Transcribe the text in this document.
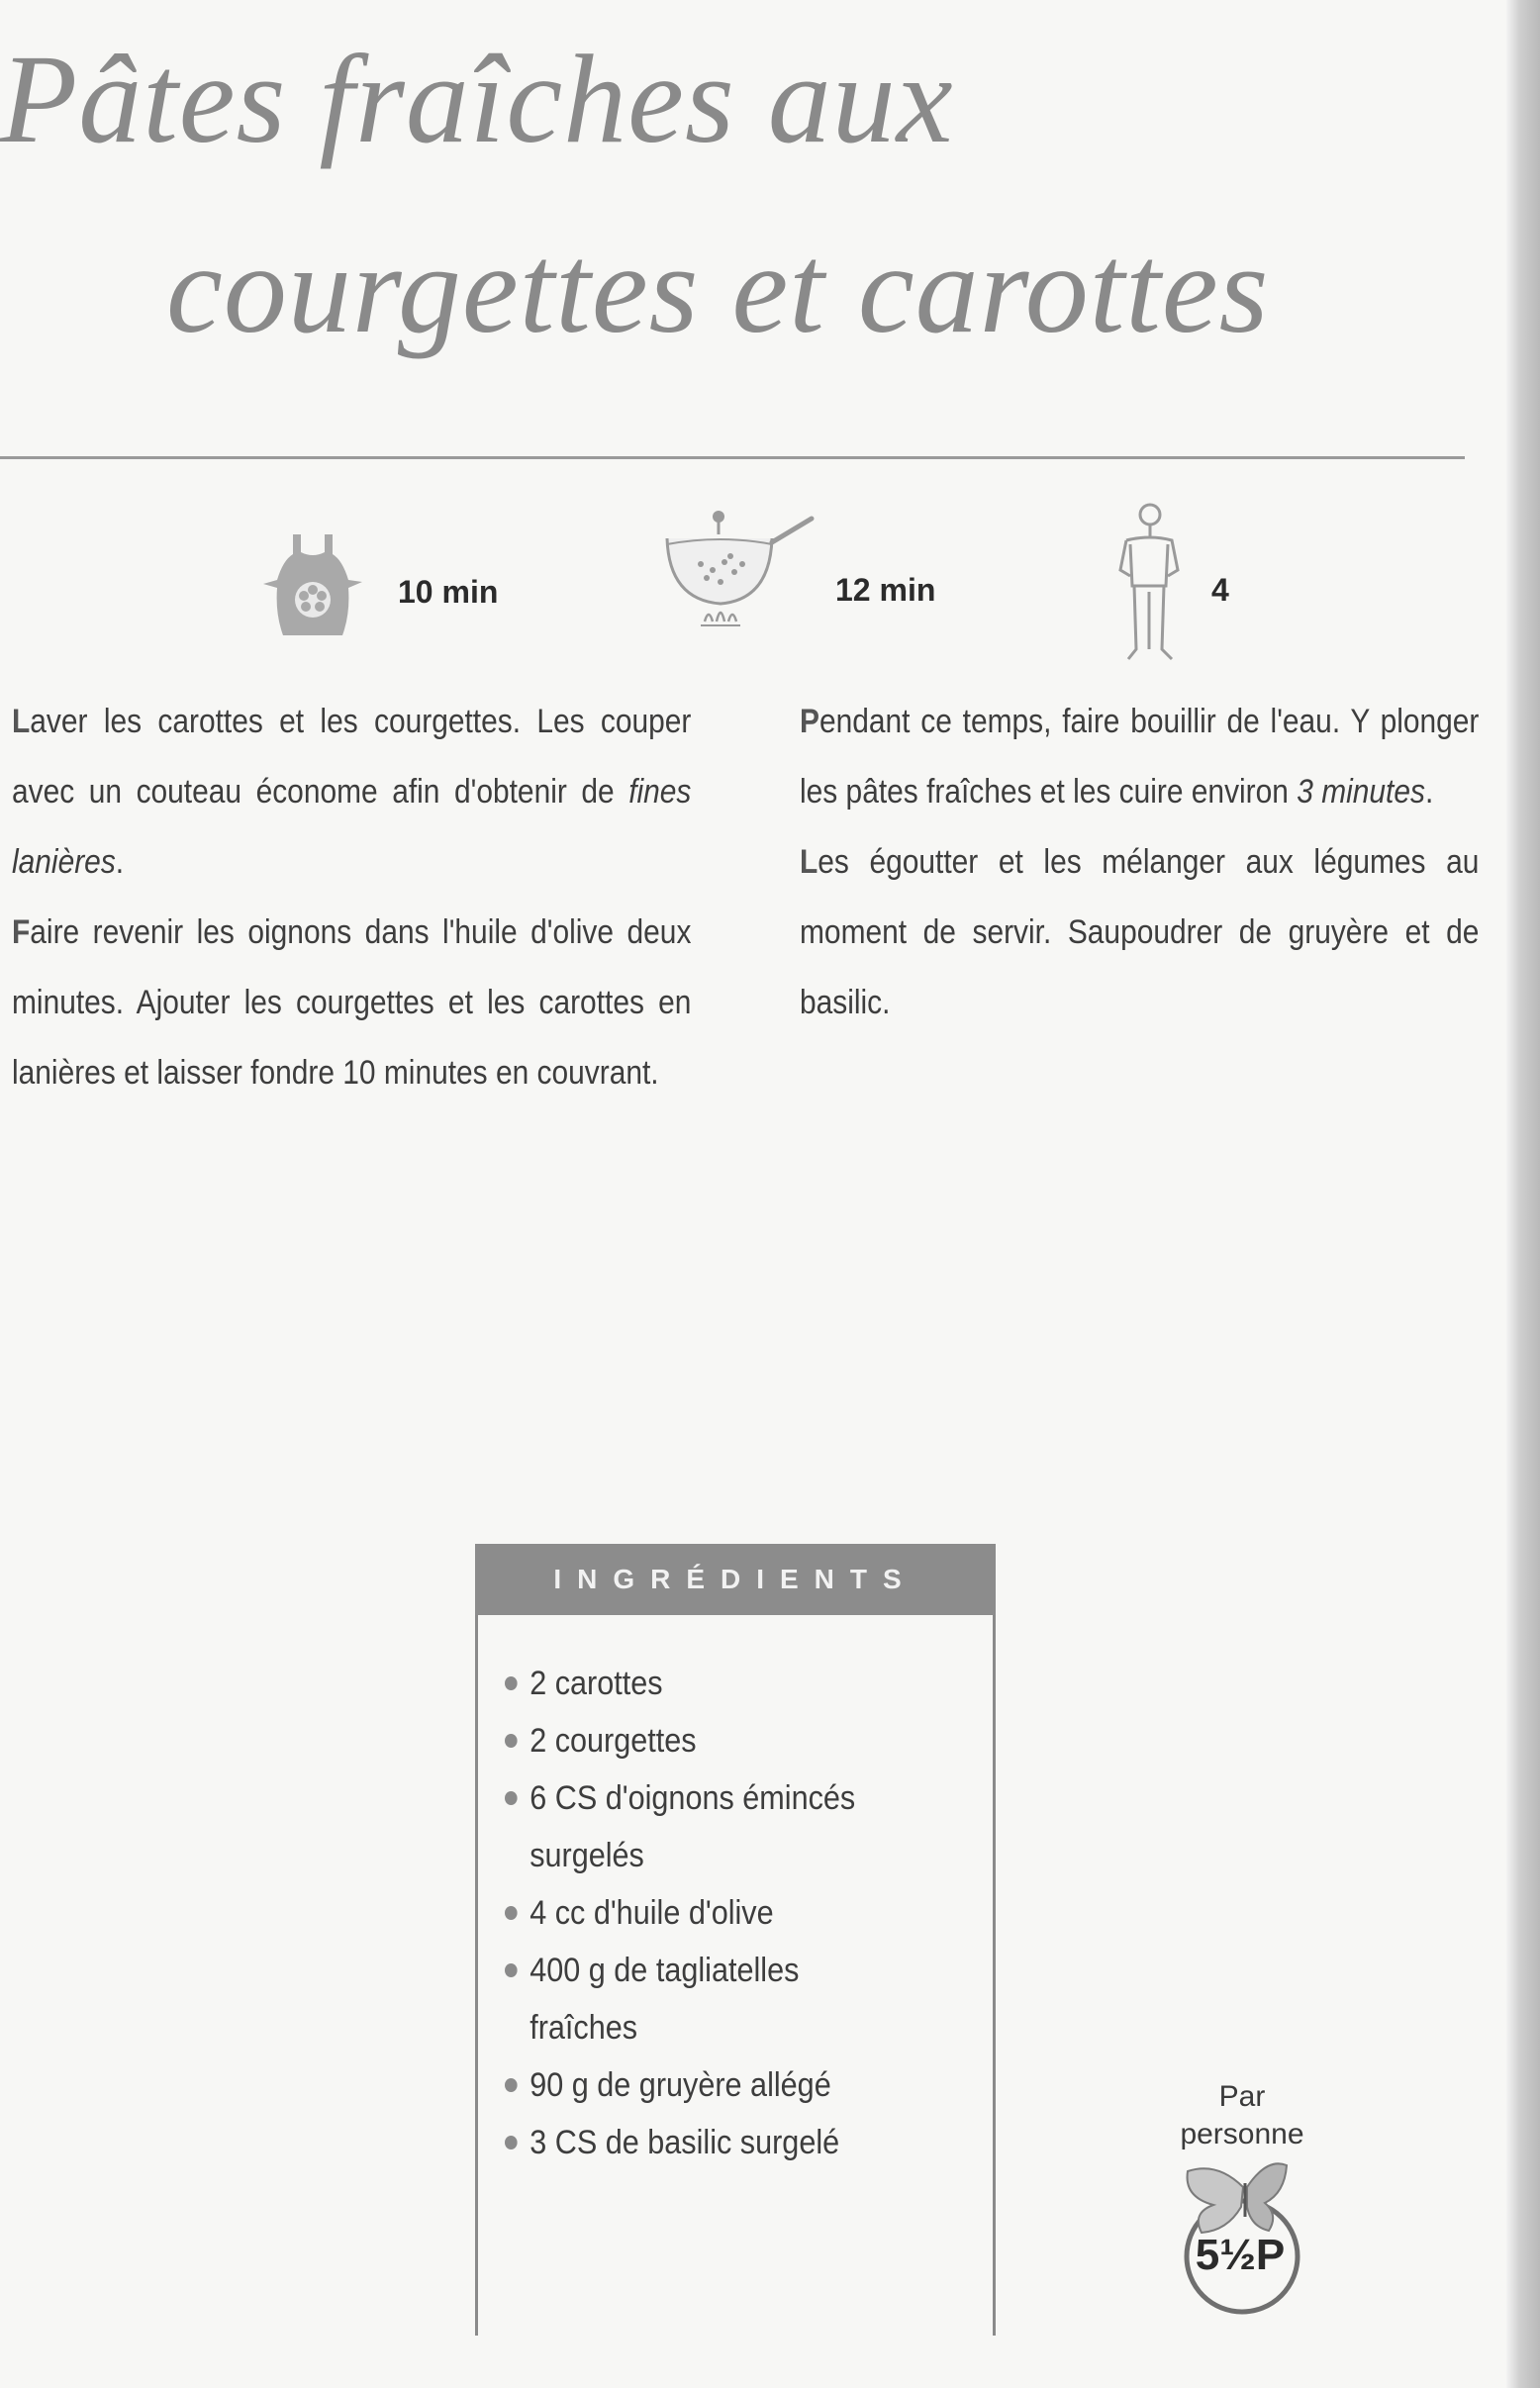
Pâtes fraîches aux
courgettes et carottes
10 min	12 min	4

Laver les carottes et les courgettes. Les couper avec un couteau économe afin d'obtenir de fines lanières.

Faire revenir les oignons dans l'huile d'olive deux minutes. Ajouter les courgettes et les carottes en lanières et laisser fondre 10 minutes en couvrant.

Pendant ce temps, faire bouillir de l'eau. Y plonger les pâtes fraîches et les cuire environ 3 minutes.

Les égoutter et les mélanger aux légumes au moment de servir. Saupoudrer de gruyère et de basilic.

INGRÉDIENTS
2 carottes
2 courgettes
6 CS d'oignons émincés surgelés
4 cc d'huile d'olive
400 g de tagliatelles fraîches
90 g de gruyère allégé
3 CS de basilic surgelé
Par personne
5½P
